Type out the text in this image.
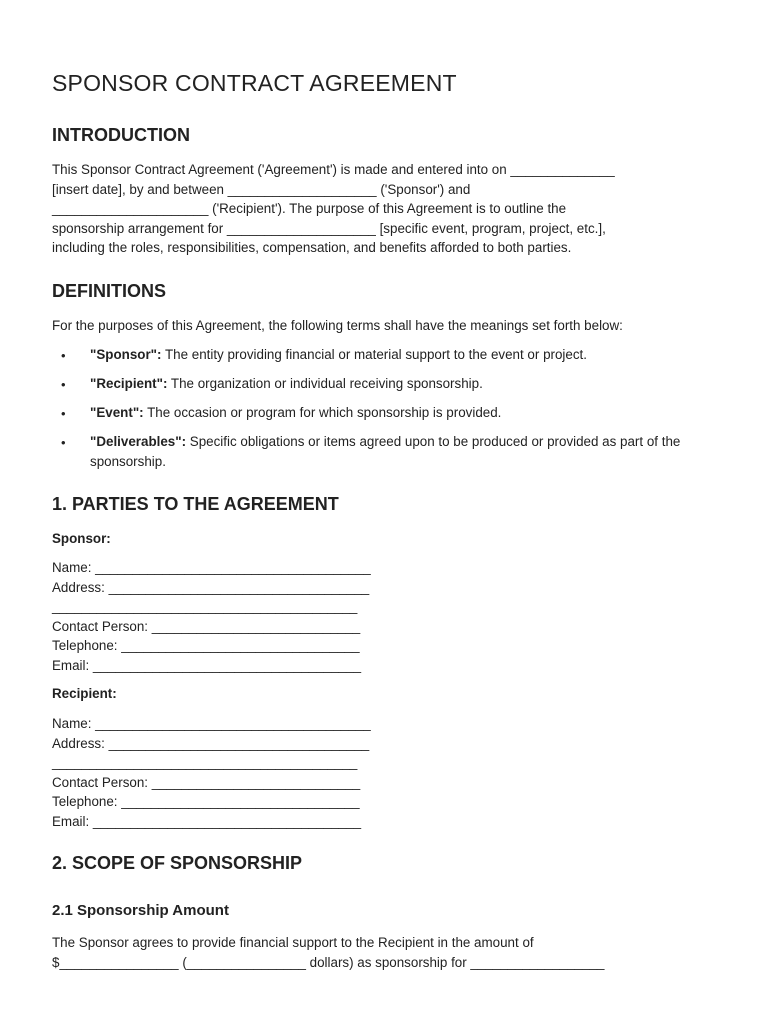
SPONSOR CONTRACT AGREEMENT
INTRODUCTION

This Sponsor Contract Agreement ('Agreement') is made and entered into on ______________
[insert date], by and between ____________________ ('Sponsor') and
_____________________ ('Recipient'). The purpose of this Agreement is to outline the
sponsorship arrangement for ____________________ [specific event, program, project, etc.],
including the roles, responsibilities, compensation, and benefits afforded to both parties.

DEFINITIONS

For the purposes of this Agreement, the following terms shall have the meanings set forth below:

• "Sponsor": The entity providing financial or material support to the event or project.
• "Recipient": The organization or individual receiving sponsorship.
• "Event": The occasion or program for which sponsorship is provided.
• "Deliverables": Specific obligations or items agreed upon to be produced or provided as part of the sponsorship.
1. PARTIES TO THE AGREEMENT

Sponsor:

Name: _____________________________________
Address: ___________________________________
_________________________________________
Contact Person: ____________________________
Telephone: ________________________________
Email: ____________________________________

Recipient:

Name: _____________________________________
Address: ___________________________________
_________________________________________
Contact Person: ____________________________
Telephone: ________________________________
Email: ____________________________________
2. SCOPE OF SPONSORSHIP
2.1 Sponsorship Amount

The Sponsor agrees to provide financial support to the Recipient in the amount of
$________________ (________________ dollars) as sponsorship for __________________
